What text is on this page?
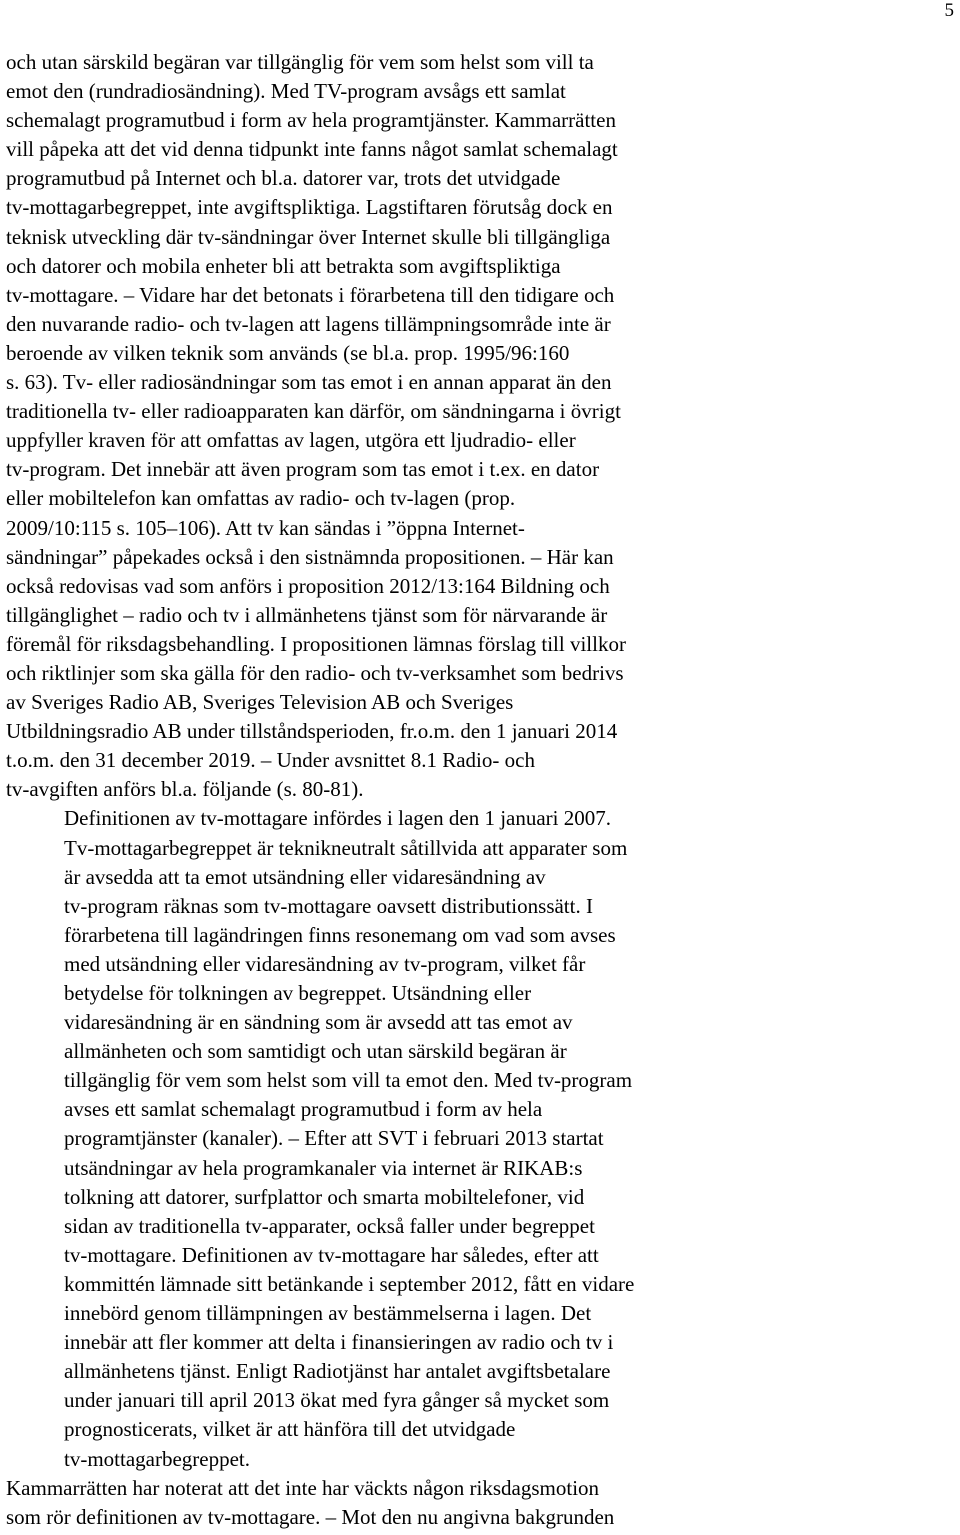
5
och utan särskild begäran var tillgänglig för vem som helst som vill ta
emot den (rundradiosändning). Med TV-program avsågs ett samlat
schemalagt programutbud i form av hela programtjänster. Kammarrätten
vill påpeka att det vid denna tidpunkt inte fanns något samlat schemalagt
programutbud på Internet och bl.a. datorer var, trots det utvidgade
tv-mottagarbegreppet, inte avgiftspliktiga. Lagstiftaren förutsåg dock en
teknisk utveckling där tv-sändningar över Internet skulle bli tillgängliga
och datorer och mobila enheter bli att betrakta som avgiftspliktiga
tv-mottagare. – Vidare har det betonats i förarbetena till den tidigare och
den nuvarande radio- och tv-lagen att lagens tillämpningsområde inte är
beroende av vilken teknik som används (se bl.a. prop. 1995/96:160
s. 63). Tv- eller radiosändningar som tas emot i en annan apparat än den
traditionella tv- eller radioapparaten kan därför, om sändningarna i övrigt
uppfyller kraven för att omfattas av lagen, utgöra ett ljudradio- eller
tv-program. Det innebär att även program som tas emot i t.ex. en dator
eller mobiltelefon kan omfattas av radio- och tv-lagen (prop.
2009/10:115 s. 105–106). Att tv kan sändas i ”öppna Internet-
sändningar” påpekades också i den sistnämnda propositionen. – Här kan
också redovisas vad som anförs i proposition 2012/13:164 Bildning och
tillgänglighet – radio och tv i allmänhetens tjänst som för närvarande är
föremål för riksdagsbehandling. I propositionen lämnas förslag till villkor
och riktlinjer som ska gälla för den radio- och tv-verksamhet som bedrivs
av Sveriges Radio AB, Sveriges Television AB och Sveriges
Utbildningsradio AB under tillståndsperioden, fr.o.m. den 1 januari 2014
t.o.m. den 31 december 2019. – Under avsnittet 8.1 Radio- och
tv-avgiften anförs bl.a. följande (s. 80-81).
Definitionen av tv-mottagare infördes i lagen den 1 januari 2007.
Tv-mottagarbegreppet är teknikneutralt såtillvida att apparater som
är avsedda att ta emot utsändning eller vidaresändning av
tv-program räknas som tv-mottagare oavsett distributionssätt. I
förarbetena till lagändringen finns resonemang om vad som avses
med utsändning eller vidaresändning av tv-program, vilket får
betydelse för tolkningen av begreppet. Utsändning eller
vidaresändning är en sändning som är avsedd att tas emot av
allmänheten och som samtidigt och utan särskild begäran är
tillgänglig för vem som helst som vill ta emot den. Med tv-program
avses ett samlat schemalagt programutbud i form av hela
programtjänster (kanaler). – Efter att SVT i februari 2013 startat
utsändningar av hela programkanaler via internet är RIKAB:s
tolkning att datorer, surfplattor och smarta mobiltelefoner, vid
sidan av traditionella tv-apparater, också faller under begreppet
tv-mottagare. Definitionen av tv-mottagare har således, efter att
kommittén lämnade sitt betänkande i september 2012, fått en vidare
innebörd genom tillämpningen av bestämmelserna i lagen. Det
innebär att fler kommer att delta i finansieringen av radio och tv i
allmänhetens tjänst. Enligt Radiotjänst har antalet avgiftsbetalare
under januari till april 2013 ökat med fyra gånger så mycket som
prognosticerats, vilket är att hänföra till det utvidgade
tv-mottagarbegreppet.
Kammarrätten har noterat att det inte har väckts någon riksdagsmotion
som rör definitionen av tv-mottagare. – Mot den nu angivna bakgrunden
